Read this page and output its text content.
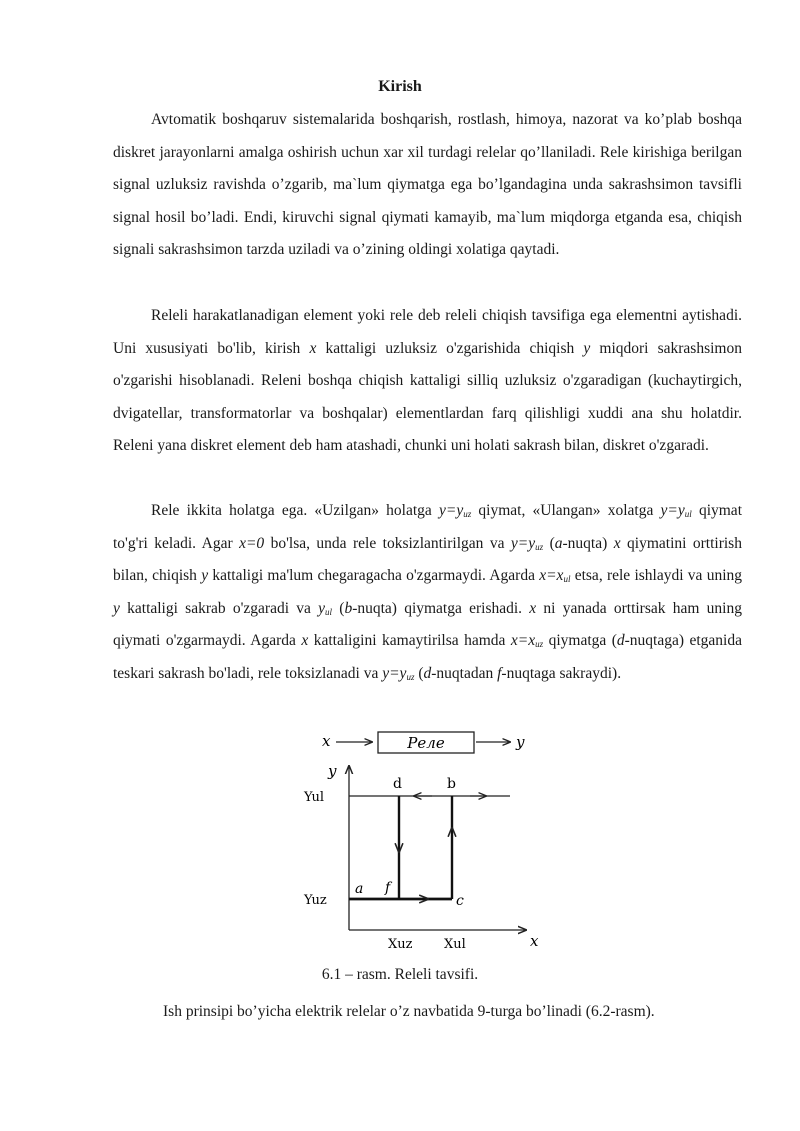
Kirish

Avtomatik boshqaruv sistemalarida boshqarish, rostlash, himoya, nazorat va ko’plab boshqa diskret jarayonlarni amalga oshirish uchun xar xil turdagi relelar qo’llaniladi. Rele kirishiga berilgan signal uzluksiz ravishda o’zgarib, ma`lum qiymatga ega bo’lgandagina unda sakrashsimon tavsifli signal hosil bo’ladi. Endi, kiruvchi signal qiymati kamayib, ma`lum miqdorga etganda esa, chiqish signali sakrashsimon tarzda uziladi va o’zining oldingi xolatiga qaytadi.

Releli harakatlanadigan element yoki rele deb releli chiqish tavsifiga ega elementni aytishadi. Uni xususiyati bo'lib, kirish x kattaligi uzluksiz o'zgarishida chiqish y miqdori sakrashsimon o'zgarishi hisoblanadi. Releni boshqa chiqish kattaligi silliq uzluksiz o'zgaradigan (kuchaytirgich, dvigatellar, transformatorlar va boshqalar) elementlardan farq qilishligi xuddi ana shu holatdir. Releni yana diskret element deb ham atashadi, chunki uni holati sakrash bilan, diskret o'zgaradi.

Rele ikkita holatga ega. «Uzilgan» holatga $y=y_{uz}$ qiymat, «Ulangan» xolatga $y=y_{ul}$ qiymat to'g'ri keladi. Agar x=0 bo'lsa, unda rele toksizlantirilgan va $y=y_{uz}$ (a-nuqta) x qiymatini orttirish bilan, chiqish y kattaligi ma'lum chegaragacha o'zgarmaydi. Agarda $x=x_{ul}$ etsa, rele ishlaydi va uning y kattaligi sakrab o'zgaradi va $y_{ul}$ (b-nuqta) qiymatga erishadi. x ni yanada orttirsak ham uning qiymati o'zgarmaydi. Agarda x kattaligini kamaytirilsa hamda $x=x_{uz}$ qiymatga (d-nuqtaga) etganida teskari sakrash bo'ladi, rele toksizlanadi va $y=y_{uz}$ (d-nuqtadan f-nuqtaga sakraydi).

x	Реле	y
y
x
Yul
Yuz
Xuz Xul
a f
d	b
c
6.1 – rasm. Releli tavsifi.

Ish prinsipi bo’yicha elektrik relelar o’z navbatida 9-turga bo’linadi (6.2-rasm).
